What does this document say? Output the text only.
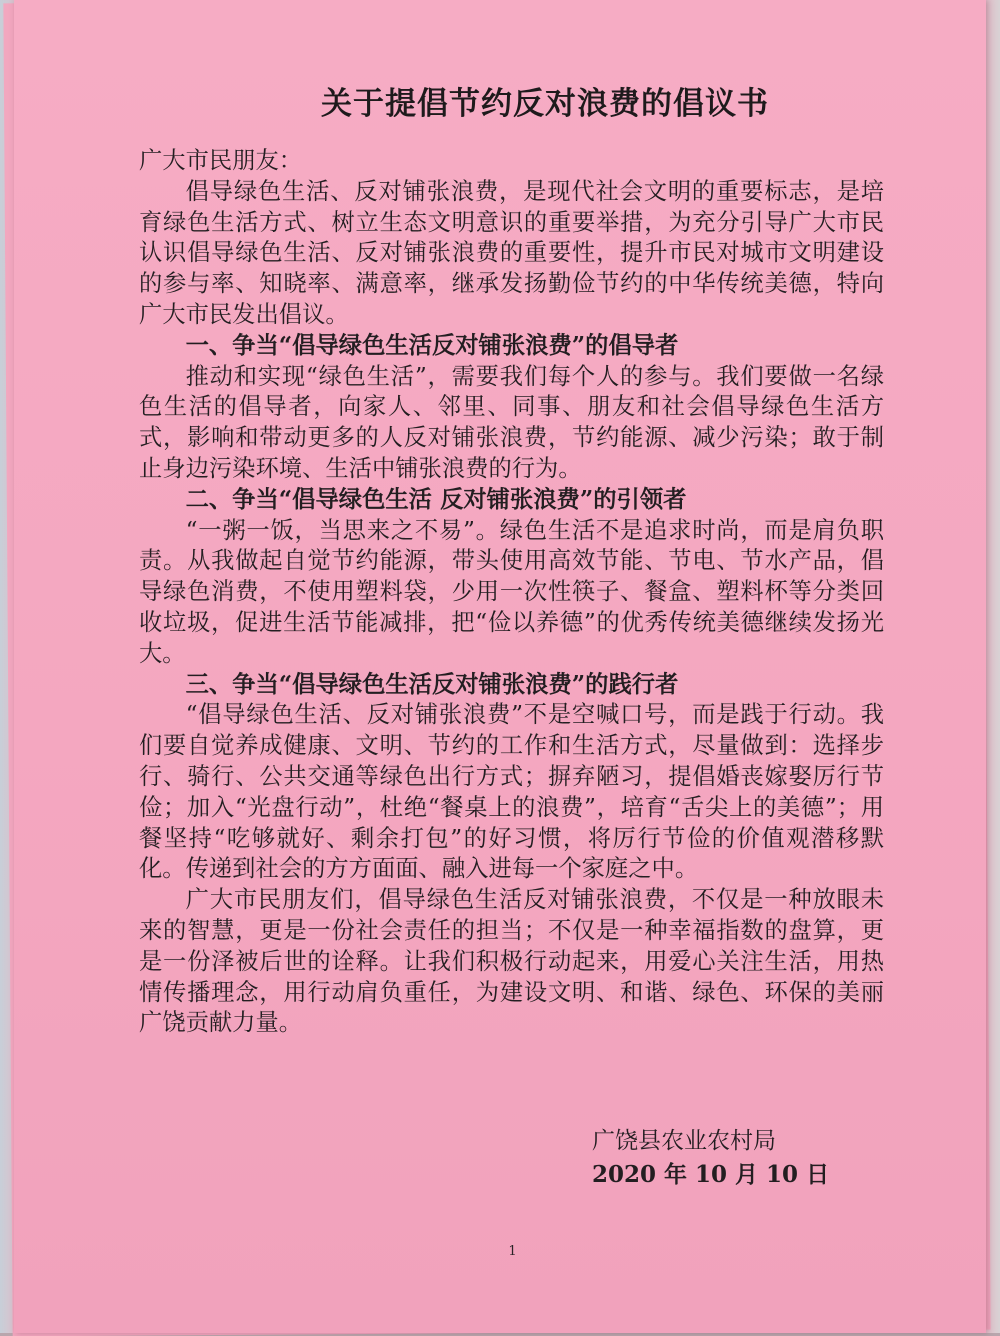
关于提倡节约反对浪费的倡议书

广大市民朋友：

倡导绿色生活、反对铺张浪费，是现代社会文明的重要标志，是培育绿色生活方式、树立生态文明意识的重要举措，为充分引导广大市民认识倡导绿色生活、反对铺张浪费的重要性，提升市民对城市文明建设的参与率、知晓率、满意率，继承发扬勤俭节约的中华传统美德，特向广大市民发出倡议。

一、争当“倡导绿色生活反对铺张浪费”的倡导者

推动和实现“绿色生活”，需要我们每个人的参与。我们要做一名绿色生活的倡导者，向家人、邻里、同事、朋友和社会倡导绿色生活方式，影响和带动更多的人反对铺张浪费，节约能源、减少污染；敢于制止身边污染环境、生活中铺张浪费的行为。

二、争当“倡导绿色生活 反对铺张浪费”的引领者

“一粥一饭，当思来之不易”。绿色生活不是追求时尚，而是肩负职责。从我做起自觉节约能源，带头使用高效节能、节电、节水产品，倡导绿色消费，不使用塑料袋，少用一次性筷子、餐盒、塑料杯等分类回收垃圾，促进生活节能减排，把“俭以养德”的优秀传统美德继续发扬光大。

三、争当“倡导绿色生活反对铺张浪费”的践行者

“倡导绿色生活、反对铺张浪费”不是空喊口号，而是践于行动。我们要自觉养成健康、文明、节约的工作和生活方式，尽量做到：选择步行、骑行、公共交通等绿色出行方式；摒弃陋习，提倡婚丧嫁娶厉行节俭；加入“光盘行动”，杜绝“餐桌上的浪费”，培育“舌尖上的美德”；用餐坚持“吃够就好、剩余打包”的好习惯，将厉行节俭的价值观潜移默化。传递到社会的方方面面、融入进每一个家庭之中。

广大市民朋友们，倡导绿色生活反对铺张浪费，不仅是一种放眼未来的智慧，更是一份社会责任的担当；不仅是一种幸福指数的盘算，更是一份泽被后世的诠释。让我们积极行动起来，用爱心关注生活，用热情传播理念，用行动肩负重任，为建设文明、和谐、绿色、环保的美丽广饶贡献力量。

广饶县农业农村局

2020 年 10 月 10 日

1
